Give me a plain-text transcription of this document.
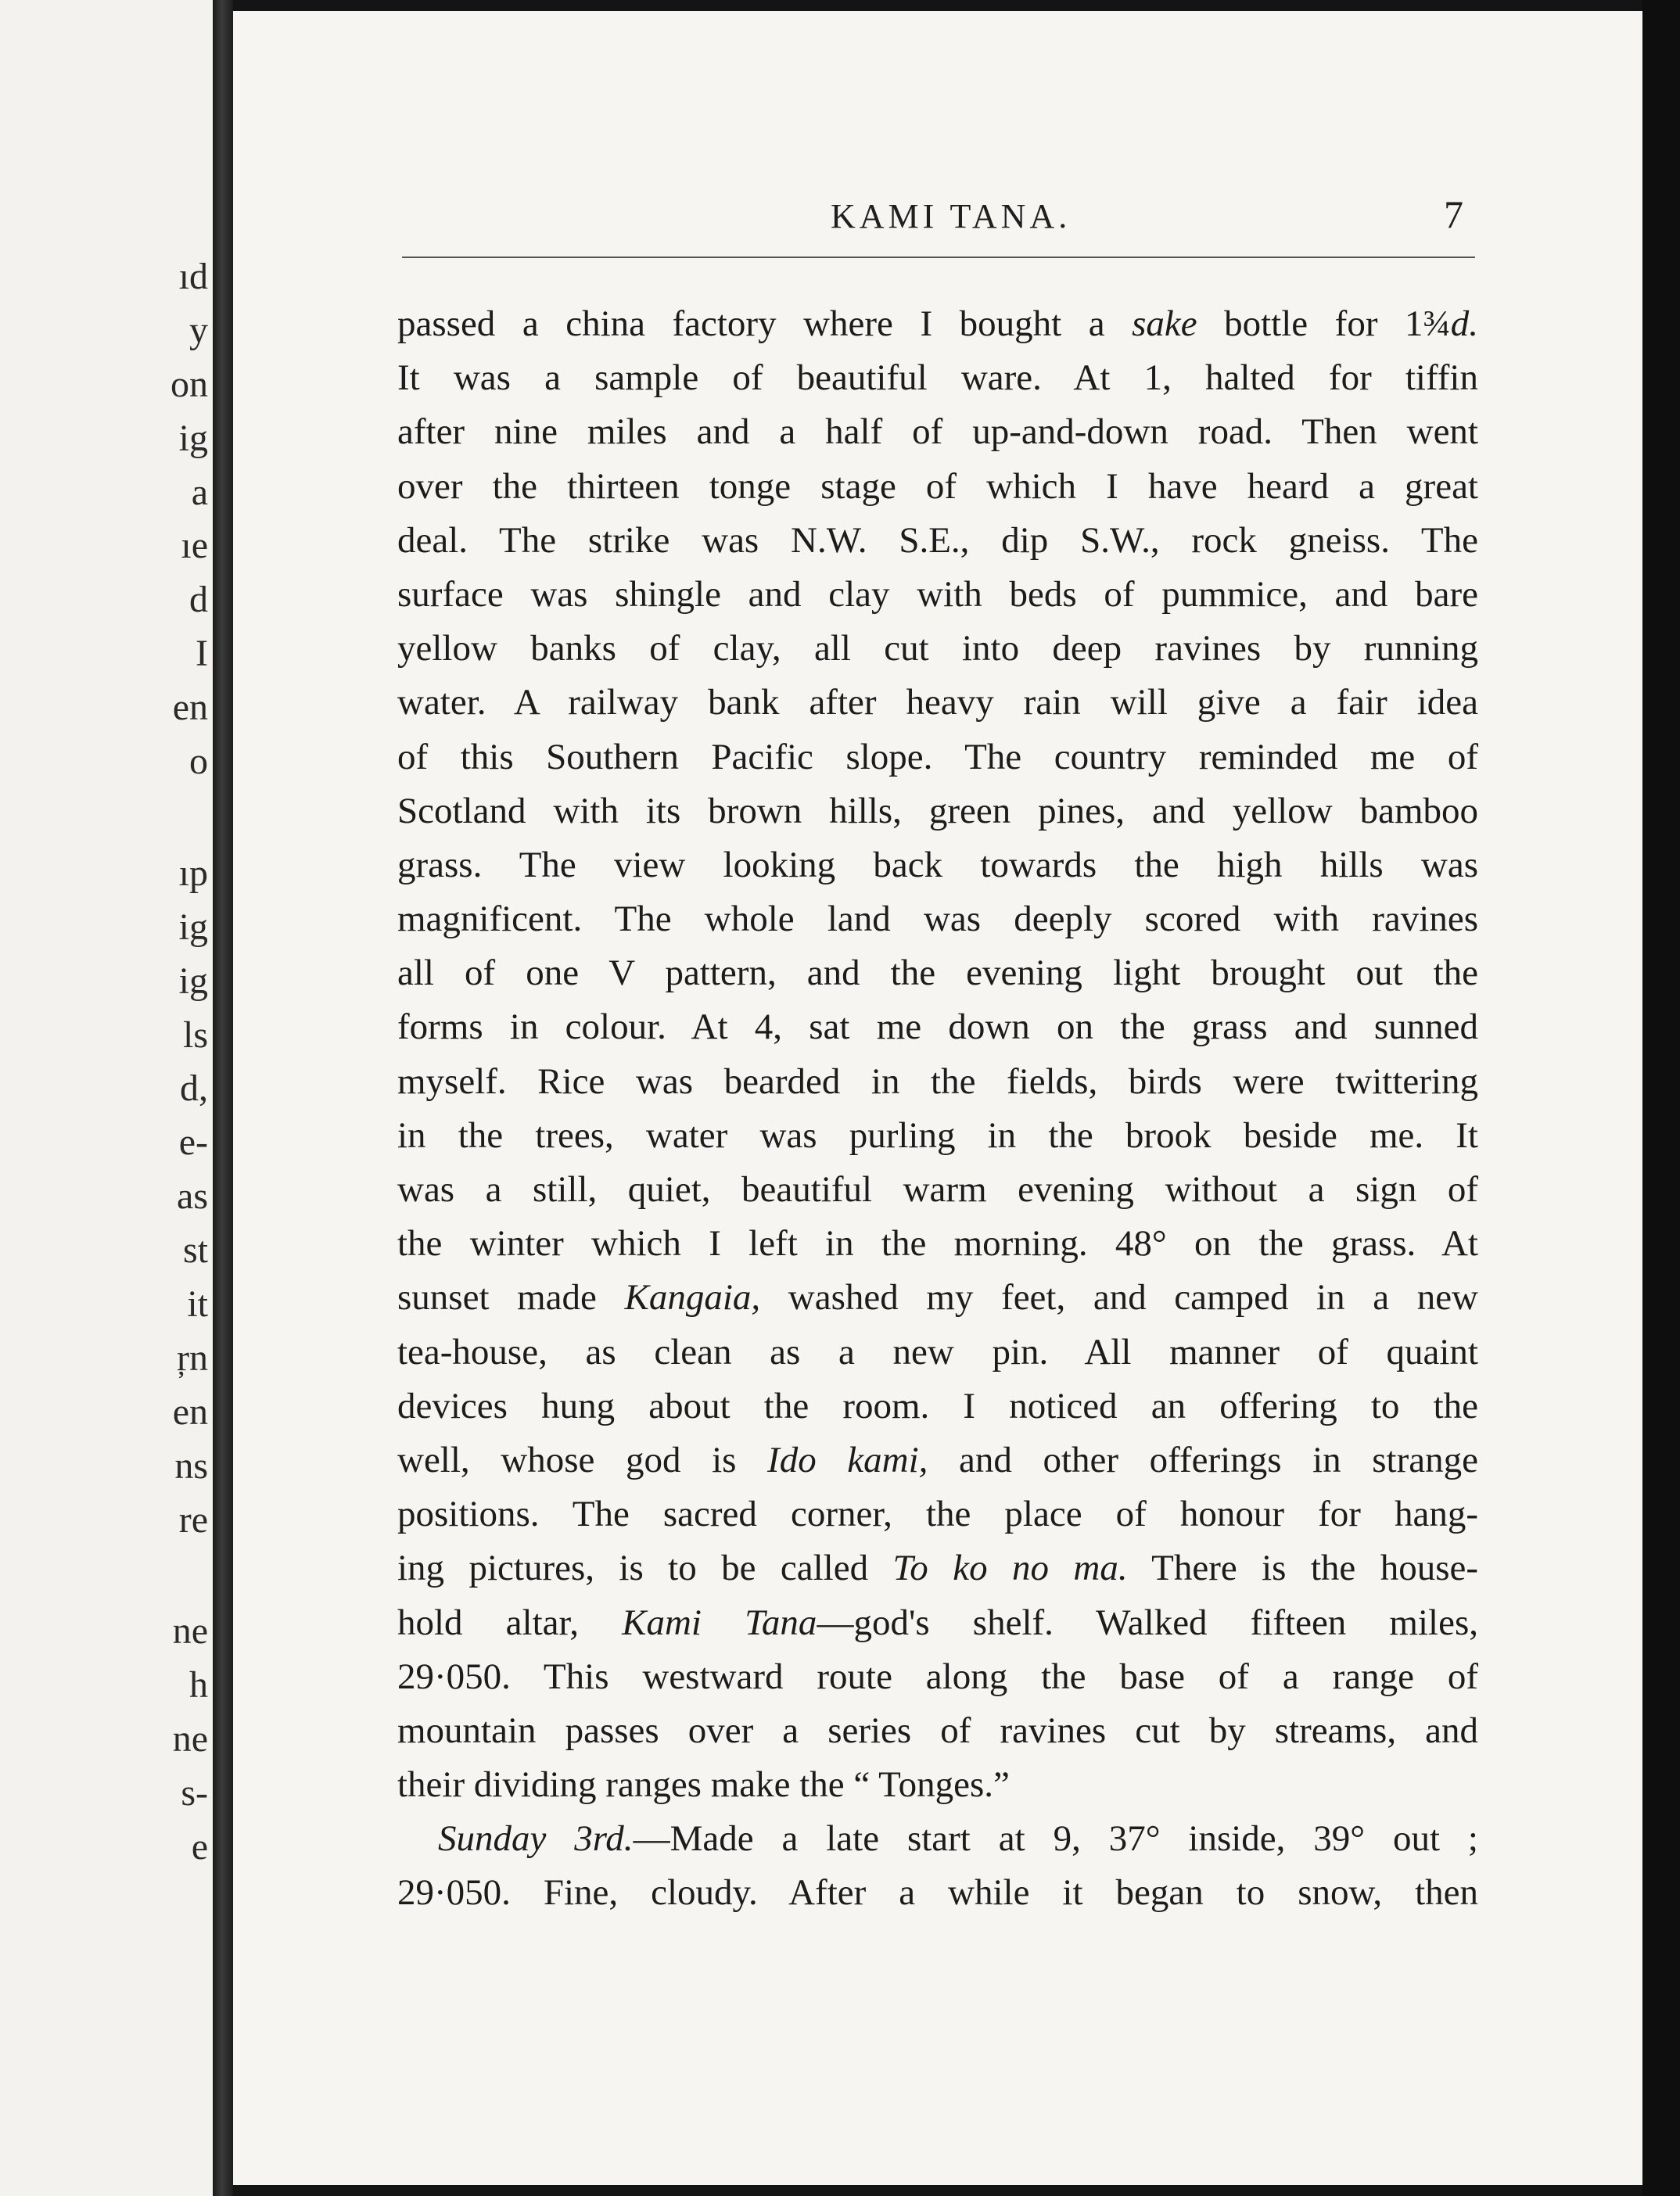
ıd
y
on
ig
a
ıe
d
I
en
o
ıp
ig
ig
ls
d,
e-
as
st
it
ŗn
en
ns
re
ne
h
ne
s-
e
KAMI TANA.	7
passed a china factory where I bought a sake bottle for 1¾d.
It was a sample of beautiful ware. At 1, halted for tiffin
after nine miles and a half of up-and-down road. Then went
over the thirteen tonge stage of which I have heard a great
deal. The strike was N.W. S.E., dip S.W., rock gneiss. The
surface was shingle and clay with beds of pummice, and bare
yellow banks of clay, all cut into deep ravines by running
water. A railway bank after heavy rain will give a fair idea
of this Southern Pacific slope. The country reminded me of
Scotland with its brown hills, green pines, and yellow bamboo
grass. The view looking back towards the high hills was
magnificent. The whole land was deeply scored with ravines
all of one V pattern, and the evening light brought out the
forms in colour. At 4, sat me down on the grass and sunned
myself. Rice was bearded in the fields, birds were twittering
in the trees, water was purling in the brook beside me. It
was a still, quiet, beautiful warm evening without a sign of
the winter which I left in the morning. 48° on the grass. At
sunset made Kangaia, washed my feet, and camped in a new
tea-house, as clean as a new pin. All manner of quaint
devices hung about the room. I noticed an offering to the
well, whose god is Ido kami, and other offerings in strange
positions. The sacred corner, the place of honour for hang-
ing pictures, is to be called To ko no ma. There is the house-
hold altar, Kami Tana—god's shelf. Walked fifteen miles,
29·050. This westward route along the base of a range of
mountain passes over a series of ravines cut by streams, and
their dividing ranges make the “ Tonges.”
Sunday 3rd.—Made a late start at 9, 37° inside, 39° out ;
29·050. Fine, cloudy. After a while it began to snow, then
